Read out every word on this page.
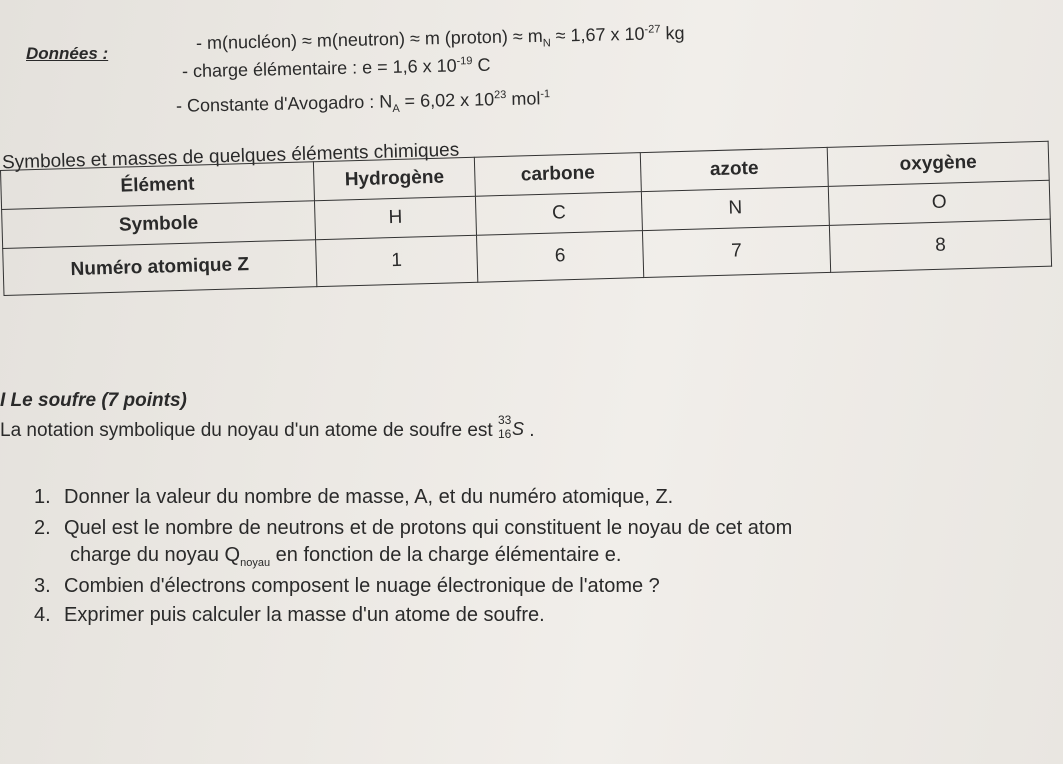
Données :
- m(nucléon) ≈ m(neutron) ≈ m (proton) ≈ $m_N \approx 1,67$ x $10^{-27}$ kg
- charge élémentaire : e = 1,6 x $10^{-19}$ C
- Constante d'Avogadro : $N_A = 6,02$ x $10^{23}$ mol$^{-1}$
Symboles et masses de quelques éléments chimiques
Élément	Hydrogène	carbone	azote	oxygène
Symbole	H	C	N	O
Numéro atomique Z	1	6	7	8
I Le soufre (7 points)
La notation symbolique du noyau d'un atome de soufre est
33
16 S .
1. Donner la valeur du nombre de masse, A, et du numéro atomique, Z.
2. Quel est le nombre de neutrons et de protons qui constituent le noyau de cet atom
charge du noyau $Q_{noyau}$ en fonction de la charge élémentaire e.
3. Combien d'électrons composent le nuage électronique de l'atome ?
4. Exprimer puis calculer la masse d'un atome de soufre.
